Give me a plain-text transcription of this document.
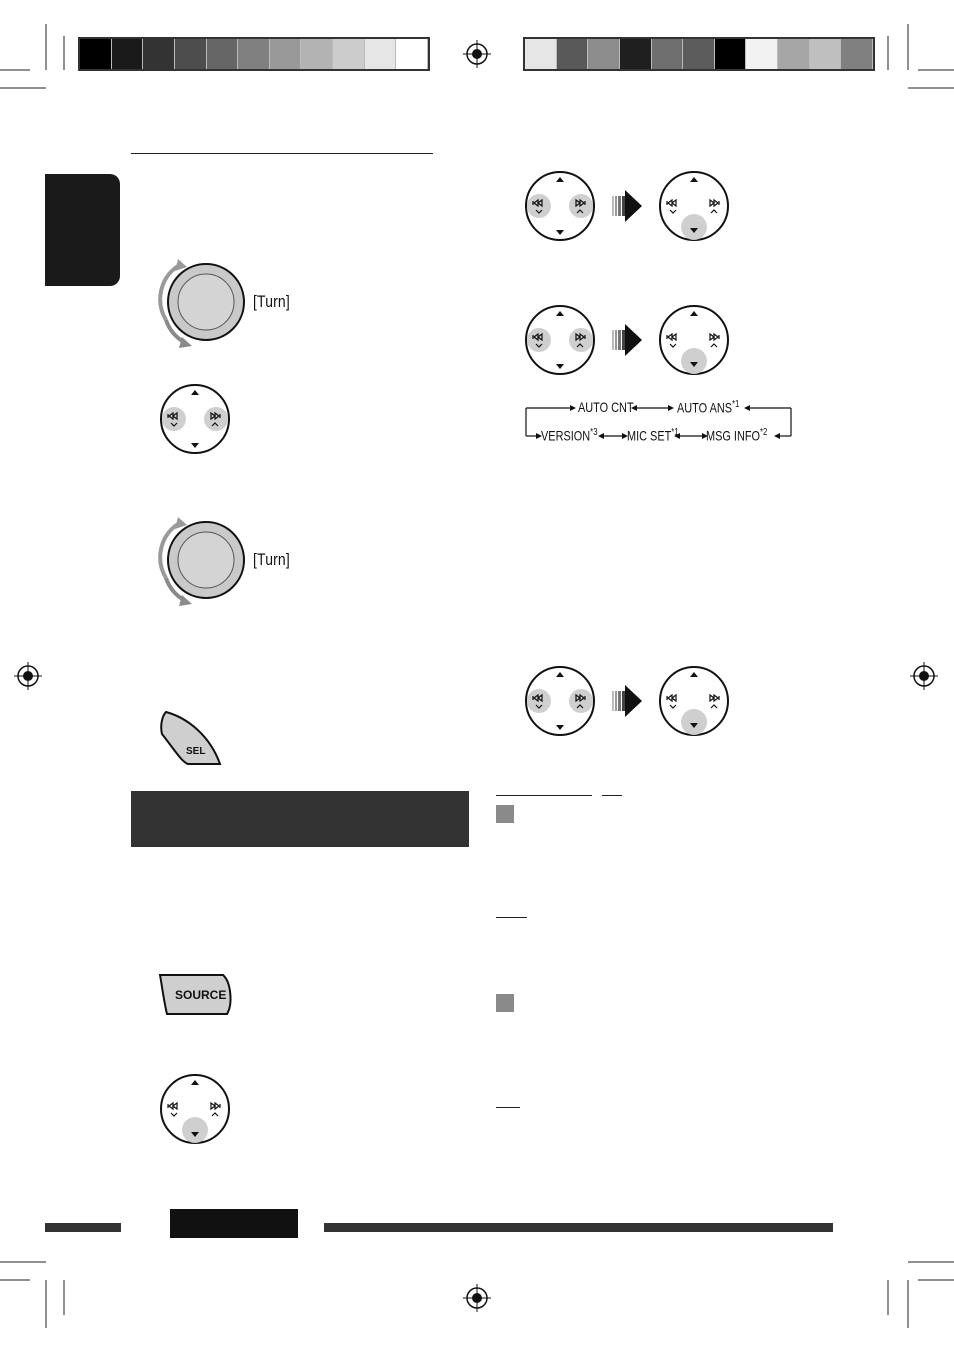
[Turn]
[Turn]
SEL
SOURCE
AUTO CNT	AUTO ANS$^{*1}$
VERSION$^{*3}$ MIC SET$^{*1}$ MSG INFO$^{*2}$
